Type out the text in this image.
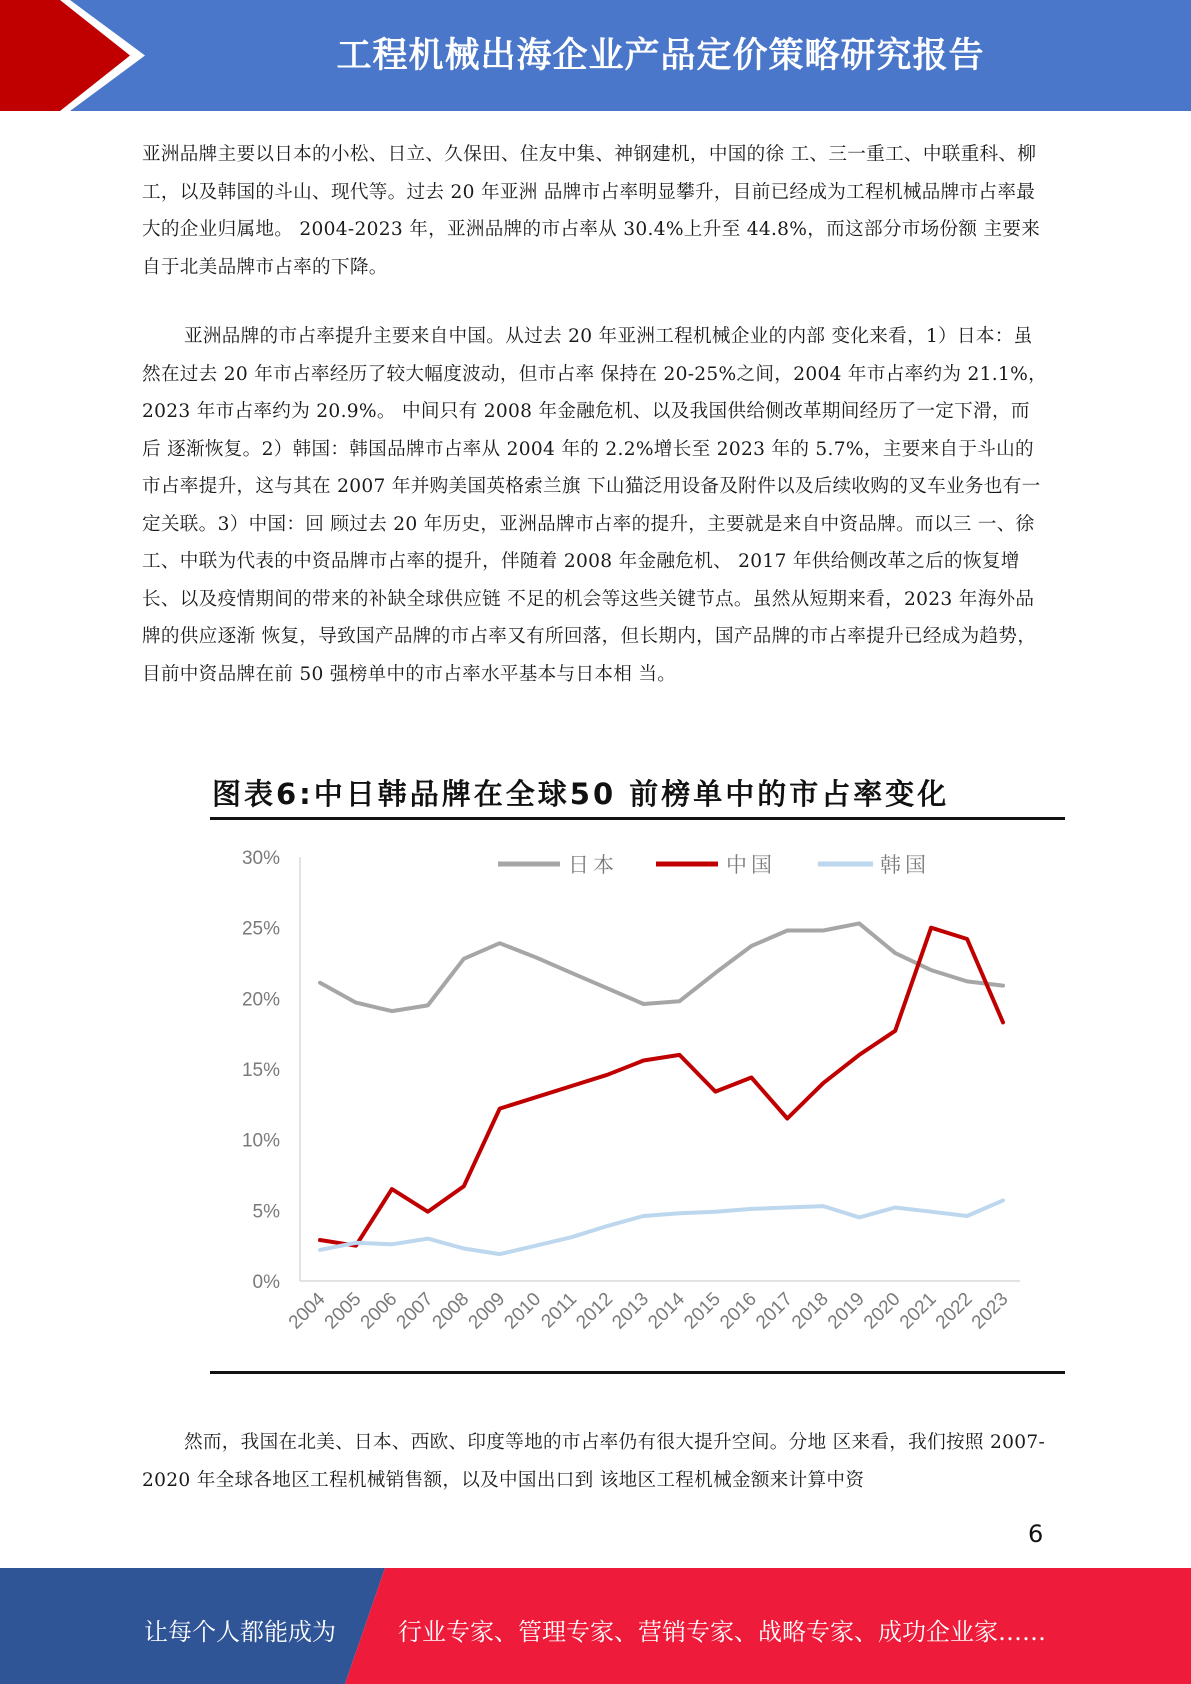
工程机械出海企业产品定价策略研究报告

亚洲品牌主要以日本的小松、日立、久保田、住友中集、神钢建机，中国的徐 工、三一重工、中联重科、柳工，以及韩国的斗山、现代等。过去 20 年亚洲 品牌市占率明显攀升，目前已经成为工程机械品牌市占率最大的企业归属地。 2004-2023 年，亚洲品牌的市占率从 30.4%上升至 44.8%，而这部分市场份额 主要来自于北美品牌市占率的下降。

亚洲品牌的市占率提升主要来自中国。从过去 20 年亚洲工程机械企业的内部 变化来看，1）日本：虽然在过去 20 年市占率经历了较大幅度波动，但市占率 保持在 20-25%之间，2004 年市占率约为 21.1%，2023 年市占率约为 20.9%。 中间只有 2008 年金融危机、以及我国供给侧改革期间经历了一定下滑，而后 逐渐恢复。2）韩国：韩国品牌市占率从 2004 年的 2.2%增长至 2023 年的 5.7%，主要来自于斗山的市占率提升，这与其在 2007 年并购美国英格索兰旗 下山猫泛用设备及附件以及后续收购的叉车业务也有一定关联。3）中国：回 顾过去 20 年历史，亚洲品牌市占率的提升，主要就是来自中资品牌。而以三 一、徐工、中联为代表的中资品牌市占率的提升，伴随着 2008 年金融危机、 2017 年供给侧改革之后的恢复增长、以及疫情期间的带来的补缺全球供应链 不足的机会等这些关键节点。虽然从短期来看，2023 年海外品牌的供应逐渐 恢复，导致国产品牌的市占率又有所回落，但长期内，国产品牌的市占率提升已经成为趋势，目前中资品牌在前 50 强榜单中的市占率水平基本与日本相 当。

图表6:中日韩品牌在全球50 前榜单中的市占率变化
0%
5%
10%
15%
20%
25%
30%
2004
2005
2006
2007
2008
2009
2010
2011
2012
2013
2014
2015
2016
2017
2018
2019
2020
2021
2022
2023
日本	中国	韩国

然而，我国在北美、日本、西欧、印度等地的市占率仍有很大提升空间。分地 区来看，我们按照 2007-2020 年全球各地区工程机械销售额，以及中国出口到 该地区工程机械金额来计算中资

6
让每个人都能成为	行业专家、管理专家、营销专家、战略专家、成功企业家……
